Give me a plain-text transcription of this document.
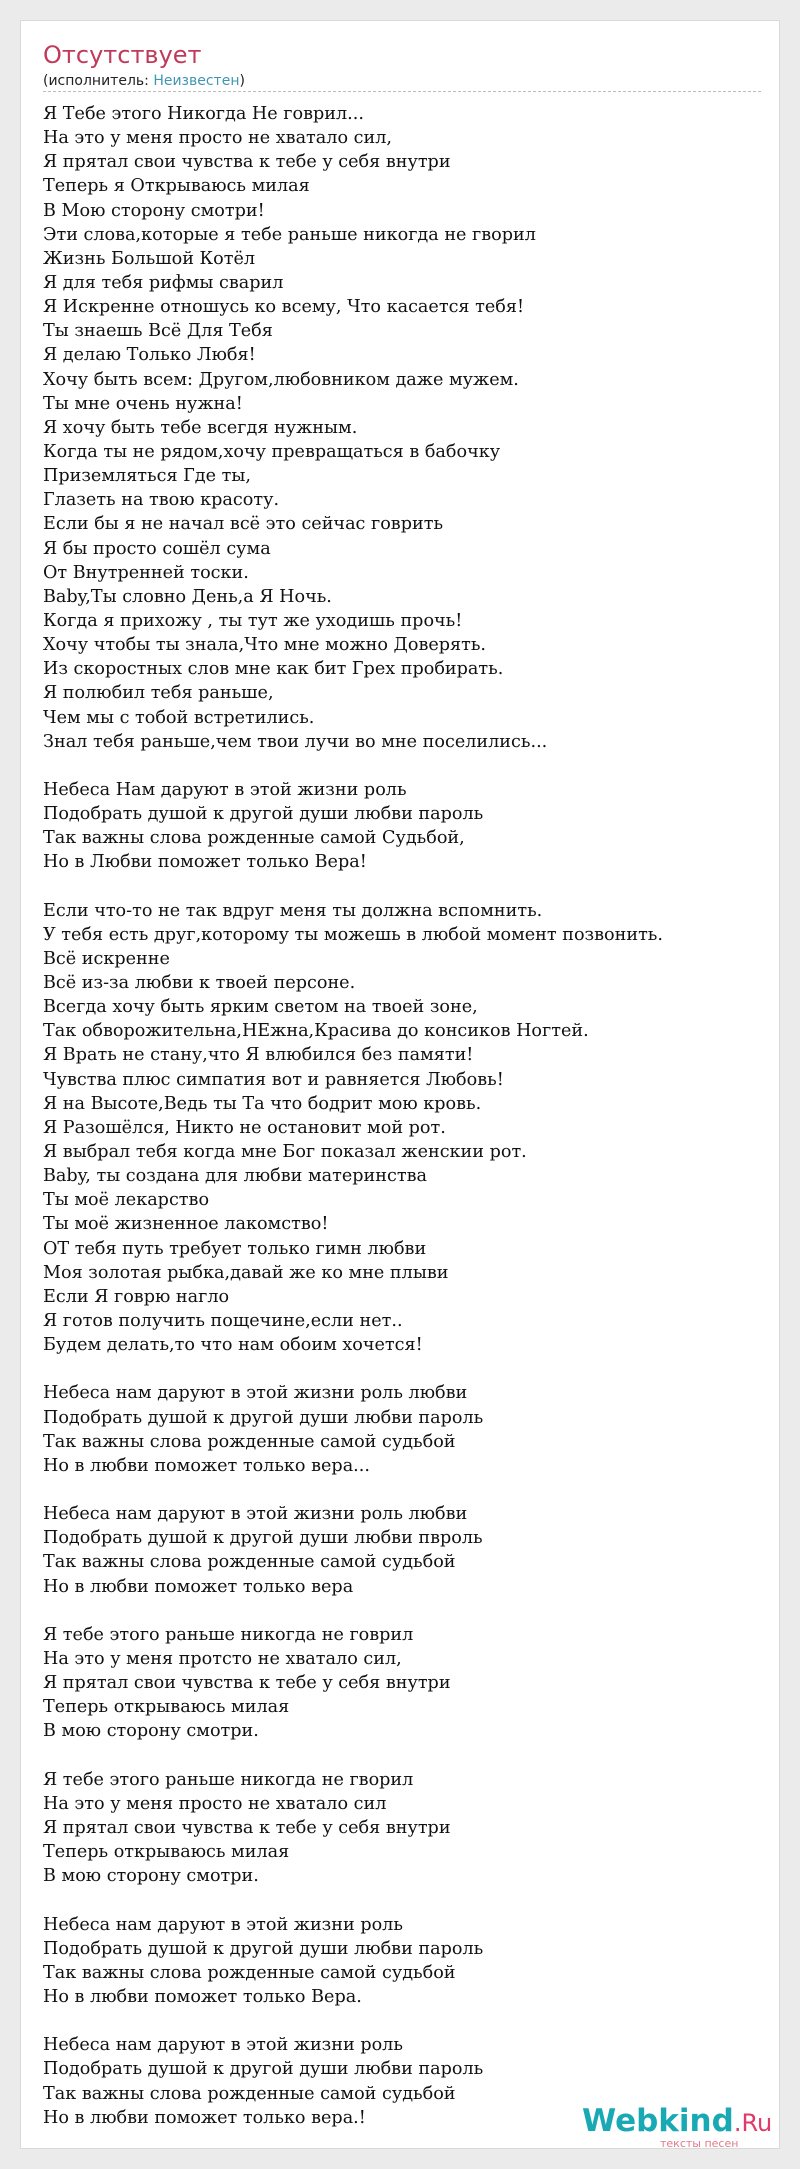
Отсутствует
(исполнитель: Неизвестен)
Я Тебе этого Никогда Не говрил...
На это у меня просто не хватало сил,
Я прятал свои чувства к тебе у себя внутри
Теперь я Открываюсь милая
В Мою сторону смотри!
Эти слова,которые я тебе раньше никогда не гворил
Жизнь Большой Котёл
Я для тебя рифмы сварил
Я Искренне отношусь ко всему, Что касается тебя!
Ты знаешь Всё Для Тебя
Я делаю Только Любя!
Хочу быть всем: Другом,любовником даже мужем.
Ты мне очень нужна!
Я хочу быть тебе всегдя нужным.
Когда ты не рядом,хочу превращаться в бабочку
Приземляться Где ты,
Глазеть на твою красоту.
Если бы я не начал всё это сейчас говрить
Я бы просто сошёл сума
От Внутренней тоски.
Baby,Ты словно День,а Я Ночь.
Когда я прихожу , ты тут же уходишь прочь!
Хочу чтобы ты знала,Что мне можно Доверять.
Из скоростных слов мне как бит Грех пробирать.
Я полюбил тебя раньше,
Чем мы с тобой встретились.
Знал тебя раньше,чем твои лучи во мне поселились...
Небеса Нам даруют в этой жизни роль
Подобрать душой к другой души любви пароль
Так важны слова рожденные самой Судьбой,
Но в Любви поможет только Вера!
Если что-то не так вдруг меня ты должна вспомнить.
У тебя есть друг,которому ты можешь в любой момент позвонить.
Всё искренне
Всё из-за любви к твоей персоне.
Всегда хочу быть ярким светом на твоей зоне,
Так обворожительна,НЕжна,Красива до консиков Ногтей.
Я Врать не стану,что Я влюбился без памяти!
Чувства плюс симпатия вот и равняется Любовь!
Я на Высоте,Ведь ты Та что бодрит мою кровь.
Я Разошёлся, Никто не остановит мой рот.
Я выбрал тебя когда мне Бог показал женскии рот.
Baby, ты создана для любви материнства
Ты моё лекарство
Ты моё жизненное лакомство!
ОТ тебя путь требует только гимн любви
Моя золотая рыбка,давай же ко мне плыви
Если Я говрю нагло
Я готов получить пощечине,если нет..
Будем делать,то что нам обоим хочется!
Небеса нам даруют в этой жизни роль любви
Подобрать душой к другой души любви пароль
Так важны слова рожденные самой судьбой
Но в любви поможет только вера...
Небеса нам даруют в этой жизни роль любви
Подобрать душой к другой души любви пвроль
Так важны слова рожденные самой судьбой
Но в любви поможет только вера
Я тебе этого раньше никогда не говрил
На это у меня протсто не хватало сил,
Я прятал свои чувства к тебе у себя внутри
Теперь открываюсь милая
В мою сторону смотри.
Я тебе этого раньше никогда не гворил
На это у меня просто не хватало сил
Я прятал свои чувства к тебе у себя внутри
Теперь открываюсь милая
В мою сторону смотри.
Небеса нам даруют в этой жизни роль
Подобрать душой к другой души любви пароль
Так важны слова рожденные самой судьбой
Но в любви поможет только Вера.
Небеса нам даруют в этой жизни роль
Подобрать душой к другой души любви пароль
Так важны слова рожденные самой судьбой
Но в любви поможет только вера.!	Webkind.Ru
тексты песен
